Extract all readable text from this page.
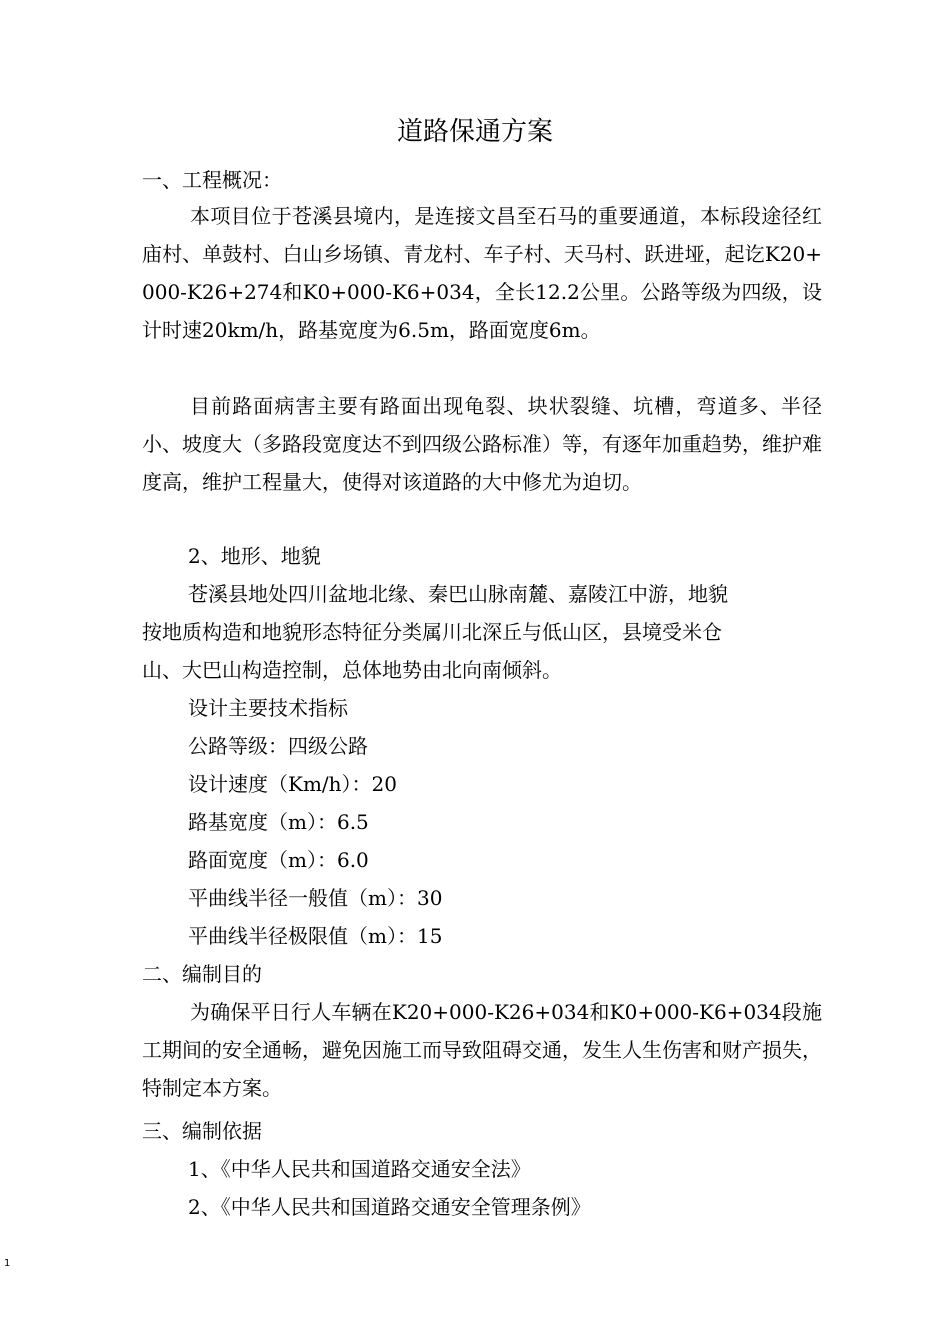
道路保通方案
一、工程概况：

本项目位于苍溪县境内，是连接文昌至石马的重要通道，本标段途径红庙村、单鼓村、白山乡场镇、青龙村、车子村、天马村、跃进垭，起讫K20+000-K26+274和K0+000-K6+034，全长12.2公里。公路等级为四级，设计时速20km/h，路基宽度为6.5m，路面宽度6m。

目前路面病害主要有路面出现龟裂、块状裂缝、坑槽，弯道多、半径小、坡度大（多路段宽度达不到四级公路标准）等，有逐年加重趋势，维护难度高，维护工程量大，使得对该道路的大中修尤为迫切。

2、地形、地貌
苍溪县地处四川盆地北缘、秦巴山脉南麓、嘉陵江中游，地貌
按地质构造和地貌形态特征分类属川北深丘与低山区，县境受米仓
山、大巴山构造控制，总体地势由北向南倾斜。
设计主要技术指标
公路等级：四级公路
设计速度（Km/h）：20
路基宽度（m）：6.5
路面宽度（m）：6.0
平曲线半径一般值（m）：30
平曲线半径极限值（m）：15
二、编制目的

为确保平日行人车辆在K20+000-K26+034和K0+000-K6+034段施工期间的安全通畅，避免因施工而导致阻碍交通，发生人生伤害和财产损失，特制定本方案。

三、编制依据
1、《中华人民共和国道路交通安全法》
2、《中华人民共和国道路交通安全管理条例》
1
